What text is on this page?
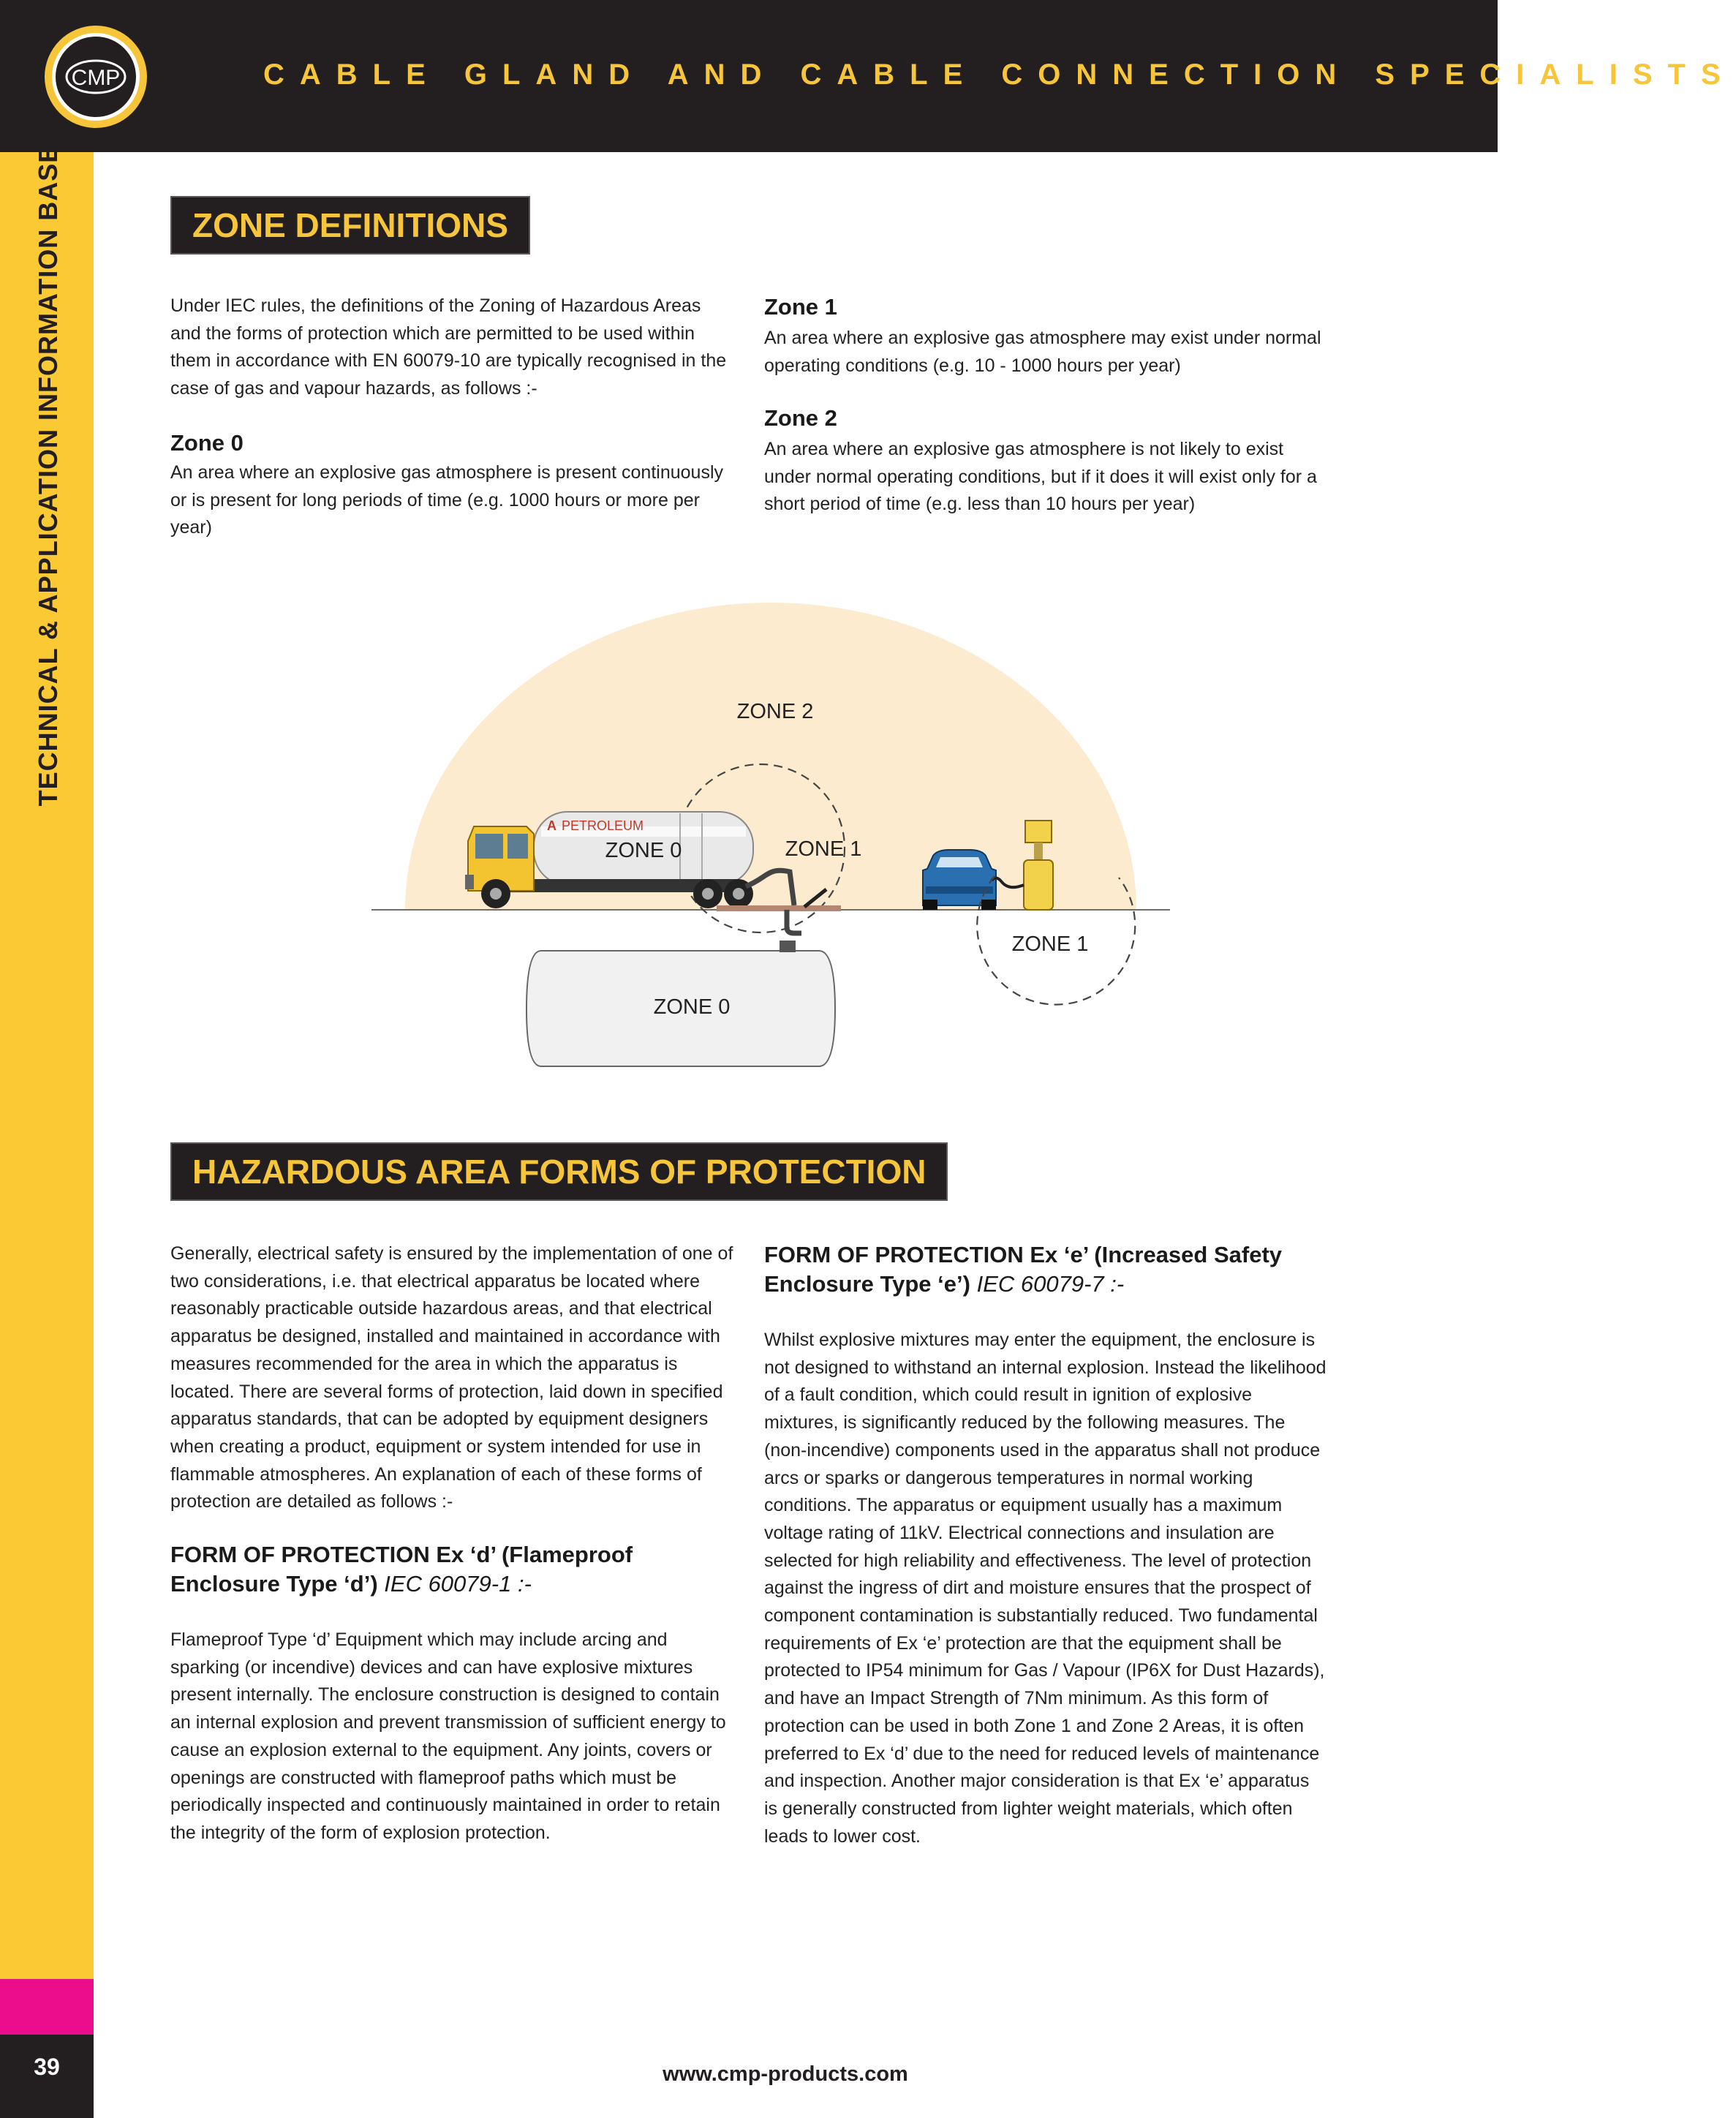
CMP	CABLE GLAND AND CABLE CONNECTION SPECIALISTS
TECHNICAL & APPLICATION INFORMATION BASE
39
ZONE DEFINITIONS
Under IEC rules, the definitions of the Zoning of Hazardous Areas and the forms of protection which are permitted to be used within them in accordance with EN 60079-10 are typically recognised in the case of gas and vapour hazards, as follows :-
Zone 0
An area where an explosive gas atmosphere is present continuously or is present for long periods of time (e.g. 1000 hours or more per year)
Zone 1
An area where an explosive gas atmosphere may exist under normal operating conditions (e.g. 10 - 1000 hours per year)
Zone 2
An area where an explosive gas atmosphere is not likely to exist under normal operating conditions, but if it does it will exist only for a short period of time (e.g. less than 10 hours per year)
ZONE 2
A PETROLEUM
ZONE 0	ZONE 1
ZONE 0
ZONE 1
HAZARDOUS AREA FORMS OF PROTECTION
Generally, electrical safety is ensured by the implementation of one of two considerations, i.e. that electrical apparatus be located where reasonably practicable outside hazardous areas, and that electrical apparatus be designed, installed and maintained in accordance with measures recommended for the area in which the apparatus is located. There are several forms of protection, laid down in specified apparatus standards, that can be adopted by equipment designers when creating a product, equipment or system intended for use in flammable atmospheres. An explanation of each of these forms of protection are detailed as follows :-
FORM OF PROTECTION Ex ‘d’ (Flameproof Enclosure Type ‘d’) IEC 60079-1 :-
Flameproof Type ‘d’ Equipment which may include arcing and sparking (or incendive) devices and can have explosive mixtures present internally. The enclosure construction is designed to contain an internal explosion and prevent transmission of sufficient energy to cause an explosion external to the equipment. Any joints, covers or openings are constructed with flameproof paths which must be periodically inspected and continuously maintained in order to retain the integrity of the form of explosion protection.
FORM OF PROTECTION Ex ‘e’ (Increased Safety Enclosure Type ‘e’) IEC 60079-7 :-
Whilst explosive mixtures may enter the equipment, the enclosure is not designed to withstand an internal explosion. Instead the likelihood of a fault condition, which could result in ignition of explosive mixtures, is significantly reduced by the following measures. The (non-incendive) components used in the apparatus shall not produce arcs or sparks or dangerous temperatures in normal working conditions. The apparatus or equipment usually has a maximum voltage rating of 11kV. Electrical connections and insulation are selected for high reliability and effectiveness. The level of protection against the ingress of dirt and moisture ensures that the prospect of component contamination is substantially reduced. Two fundamental requirements of Ex ‘e’ protection are that the equipment shall be protected to IP54 minimum for Gas / Vapour (IP6X for Dust Hazards), and have an Impact Strength of 7Nm minimum. As this form of protection can be used in both Zone 1 and Zone 2 Areas, it is often preferred to Ex ‘d’ due to the need for reduced levels of maintenance and inspection. Another major consideration is that Ex ‘e’ apparatus is generally constructed from lighter weight materials, which often leads to lower cost.
www.cmp-products.com
